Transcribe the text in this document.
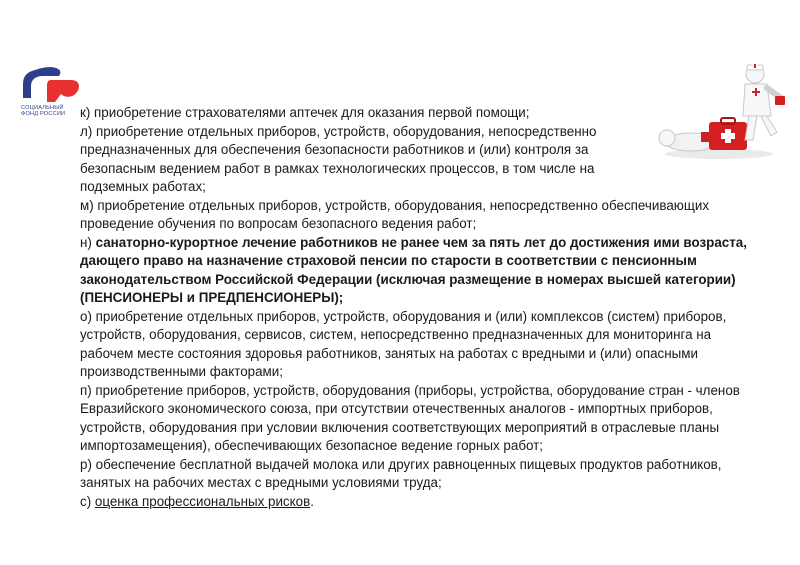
СОЦИАЛЬНЫЙ
ФОНД РОССИИ	к) приобретение страхователями аптечек для оказания первой помощи;

л) приобретение отдельных приборов, устройств, оборудования, непосредственно предназначенных для обеспечения безопасности работников и (или) контроля за безопасным ведением работ в рамках технологических процессов, в том числе на подземных работах;

м) приобретение отдельных приборов, устройств, оборудования, непосредственно обеспечивающих проведение обучения по вопросам безопасного ведения работ;

н) санаторно-курортное лечение работников не ранее чем за пять лет до достижения ими возраста, дающего право на назначение страховой пенсии по старости в соответствии с пенсионным законодательством Российской Федерации (исключая размещение в номерах высшей категории) (ПЕНСИОНЕРЫ и ПРЕДПЕНСИОНЕРЫ);

о) приобретение отдельных приборов, устройств, оборудования и (или) комплексов (систем) приборов, устройств, оборудования, сервисов, систем, непосредственно предназначенных для мониторинга на рабочем месте состояния здоровья работников, занятых на работах с вредными и (или) опасными производственными факторами;

п) приобретение приборов, устройств, оборудования (приборы, устройства, оборудование стран - членов Евразийского экономического союза, при отсутствии отечественных аналогов - импортных приборов, устройств, оборудования при условии включения соответствующих мероприятий в отраслевые планы импортозамещения), обеспечивающих безопасное ведение горных работ;

р) обеспечение бесплатной выдачей молока или других равноценных пищевых продуктов работников, занятых на рабочих местах с вредными условиями труда;

с) оценка профессиональных рисков.
